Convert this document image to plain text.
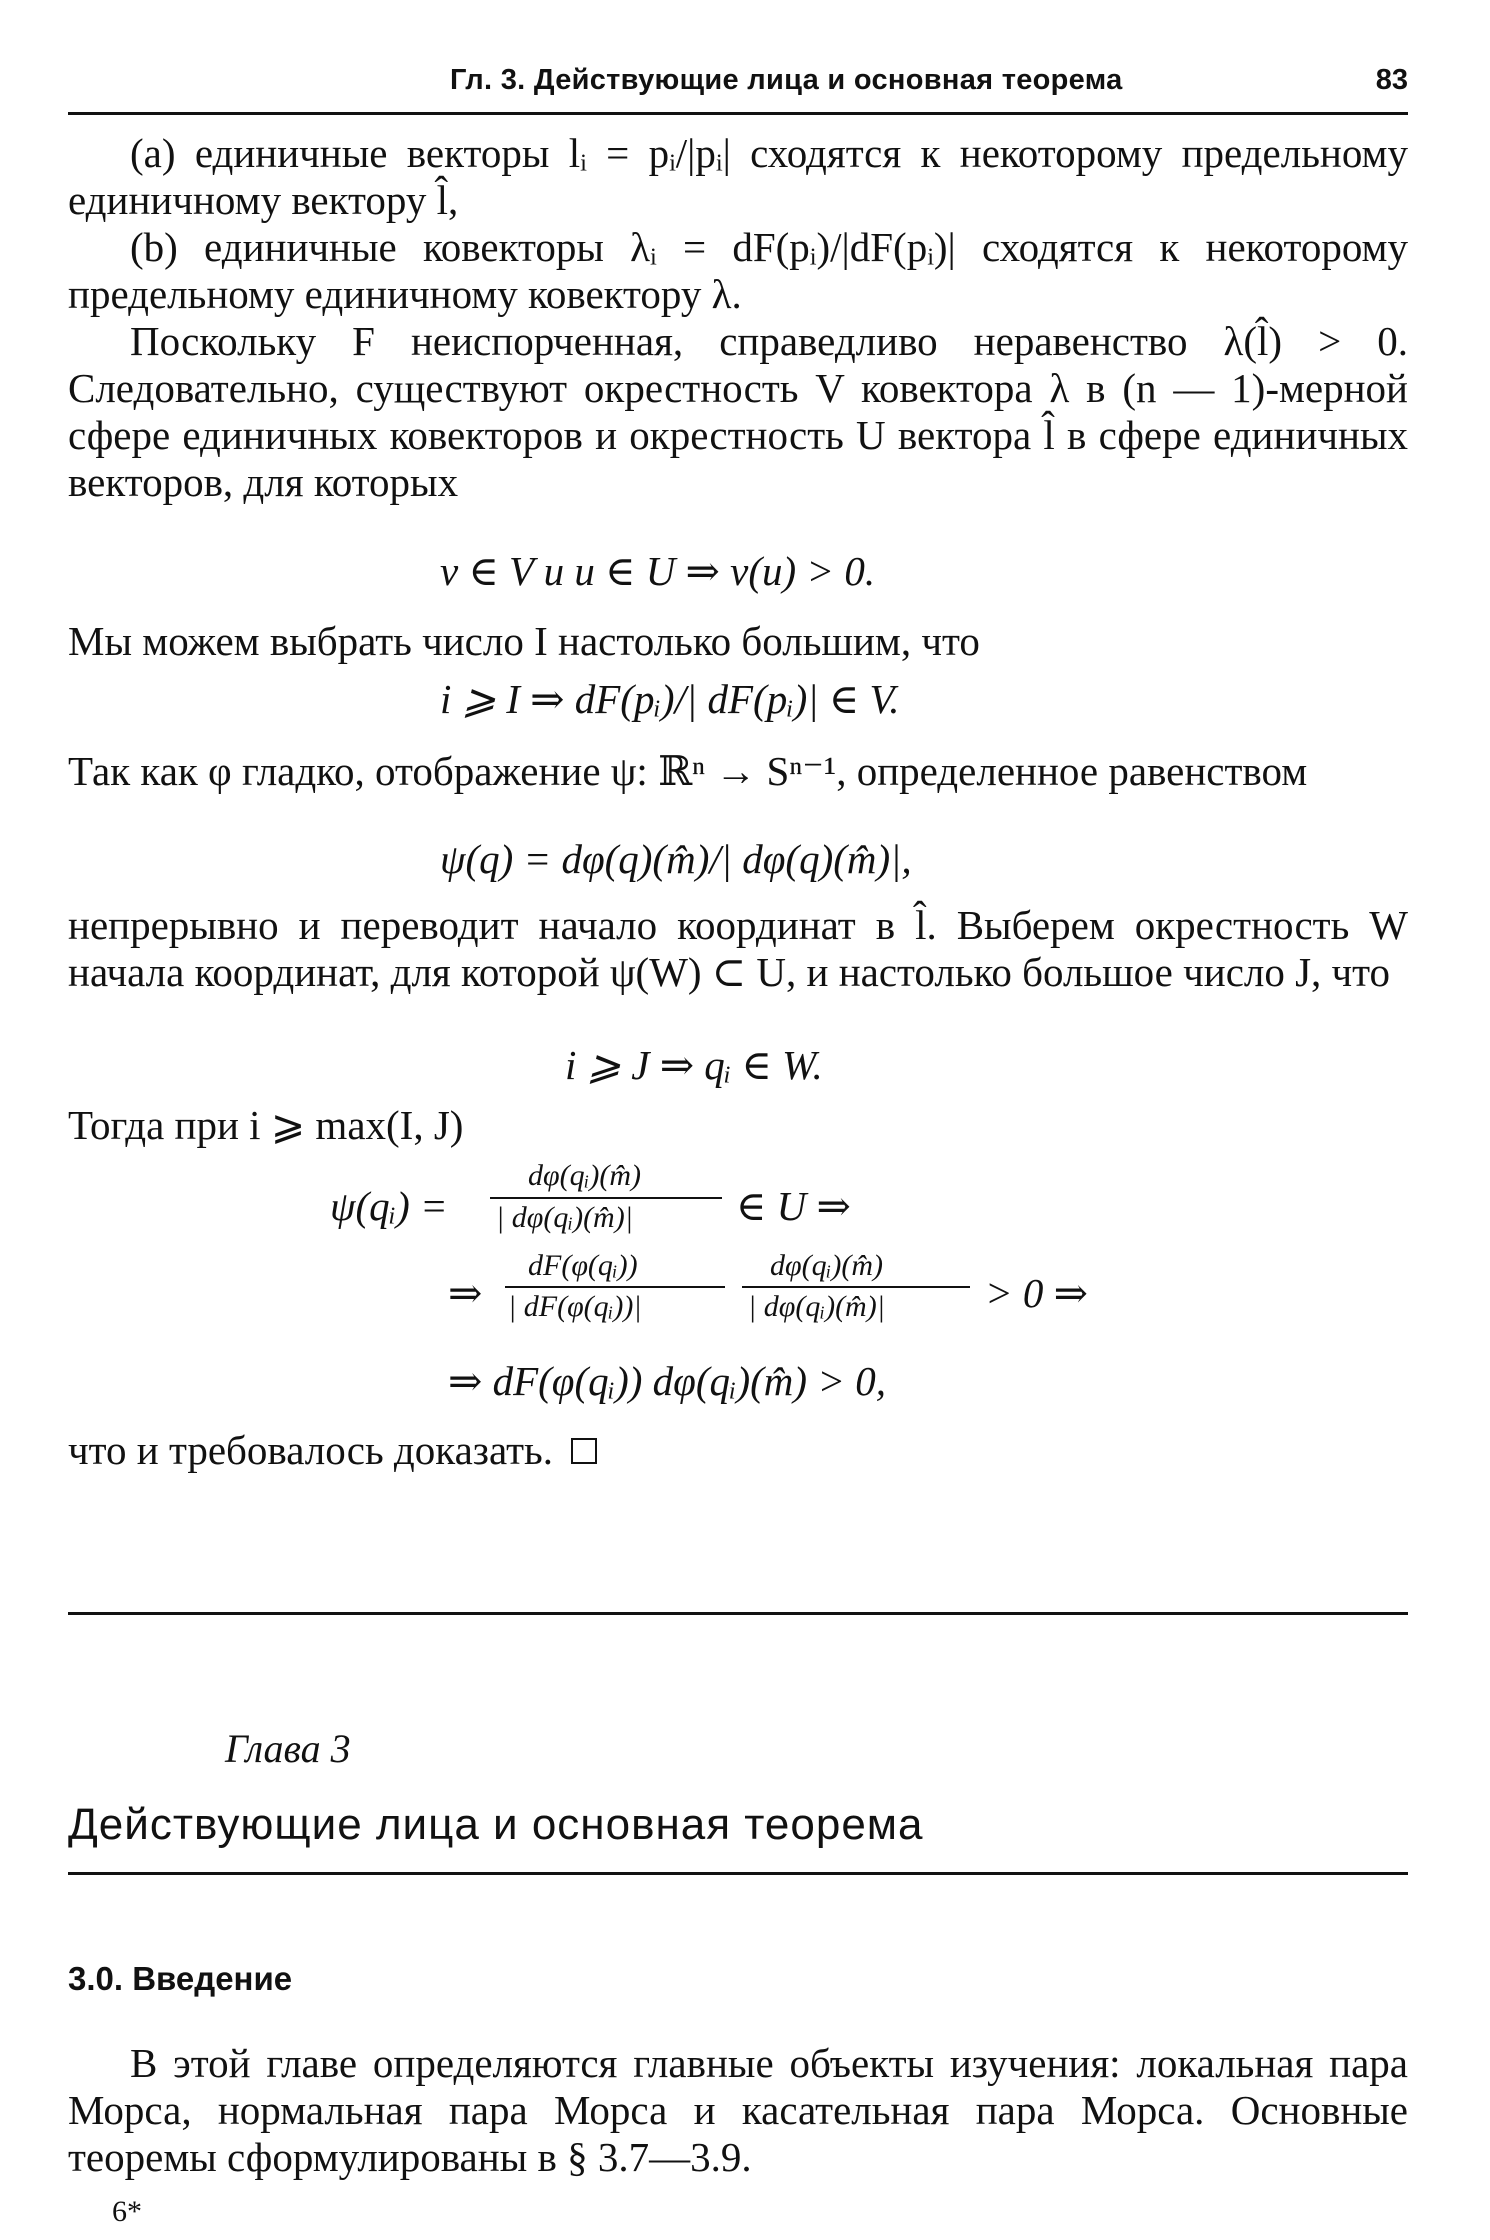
Гл. 3. Действующие лица и основная теорема	83
(a) единичные векторы lᵢ = pᵢ/|pᵢ| сходятся к некоторому предельному единичному вектору l̂,
(b) единичные ковекторы λᵢ = dF(pᵢ)/|dF(pᵢ)| сходятся к некоторому предельному единичному ковектору λ.
Поскольку F неиспорченная, справедливо неравенство λ(l̂) > 0. Следовательно, существуют окрестность V ковектора λ в (n — 1)-мерной сфере единичных ковекторов и окрестность U вектора l̂ в сфере единичных векторов, для которых
v ∈ V и u ∈ U ⇒ v(u) > 0.
Мы можем выбрать число I настолько большим, что
i ⩾ I ⇒ dF(pᵢ)/| dF(pᵢ)| ∈ V.
Так как φ гладко, отображение ψ: ℝⁿ → Sⁿ⁻¹, определенное равенством
ψ(q) = dφ(q)(m̂)/| dφ(q)(m̂)|,
непрерывно и переводит начало координат в l̂. Выберем окрестность W начала координат, для которой ψ(W) ⊂ U, и настолько большое число J, что
i ⩾ J ⇒ qᵢ ∈ W.
Тогда при i ⩾ max(I, J)
ψ(qᵢ) =
dφ(qᵢ)(m̂)
| dφ(qᵢ)(m̂)|	∈ U ⇒
⇒
dF(φ(qᵢ))
| dF(φ(qᵢ))|
dφ(qᵢ)(m̂)
| dφ(qᵢ)(m̂)| > 0 ⇒
⇒ dF(φ(qᵢ)) dφ(qᵢ)(m̂) > 0,
что и требовалось доказать.
Глава 3
Действующие лица и основная теорема
3.0. Введение
В этой главе определяются главные объекты изучения: локальная пара Морса, нормальная пара Морса и касательная пара Морса. Основные теоремы сформулированы в § 3.7—3.9.
6*
